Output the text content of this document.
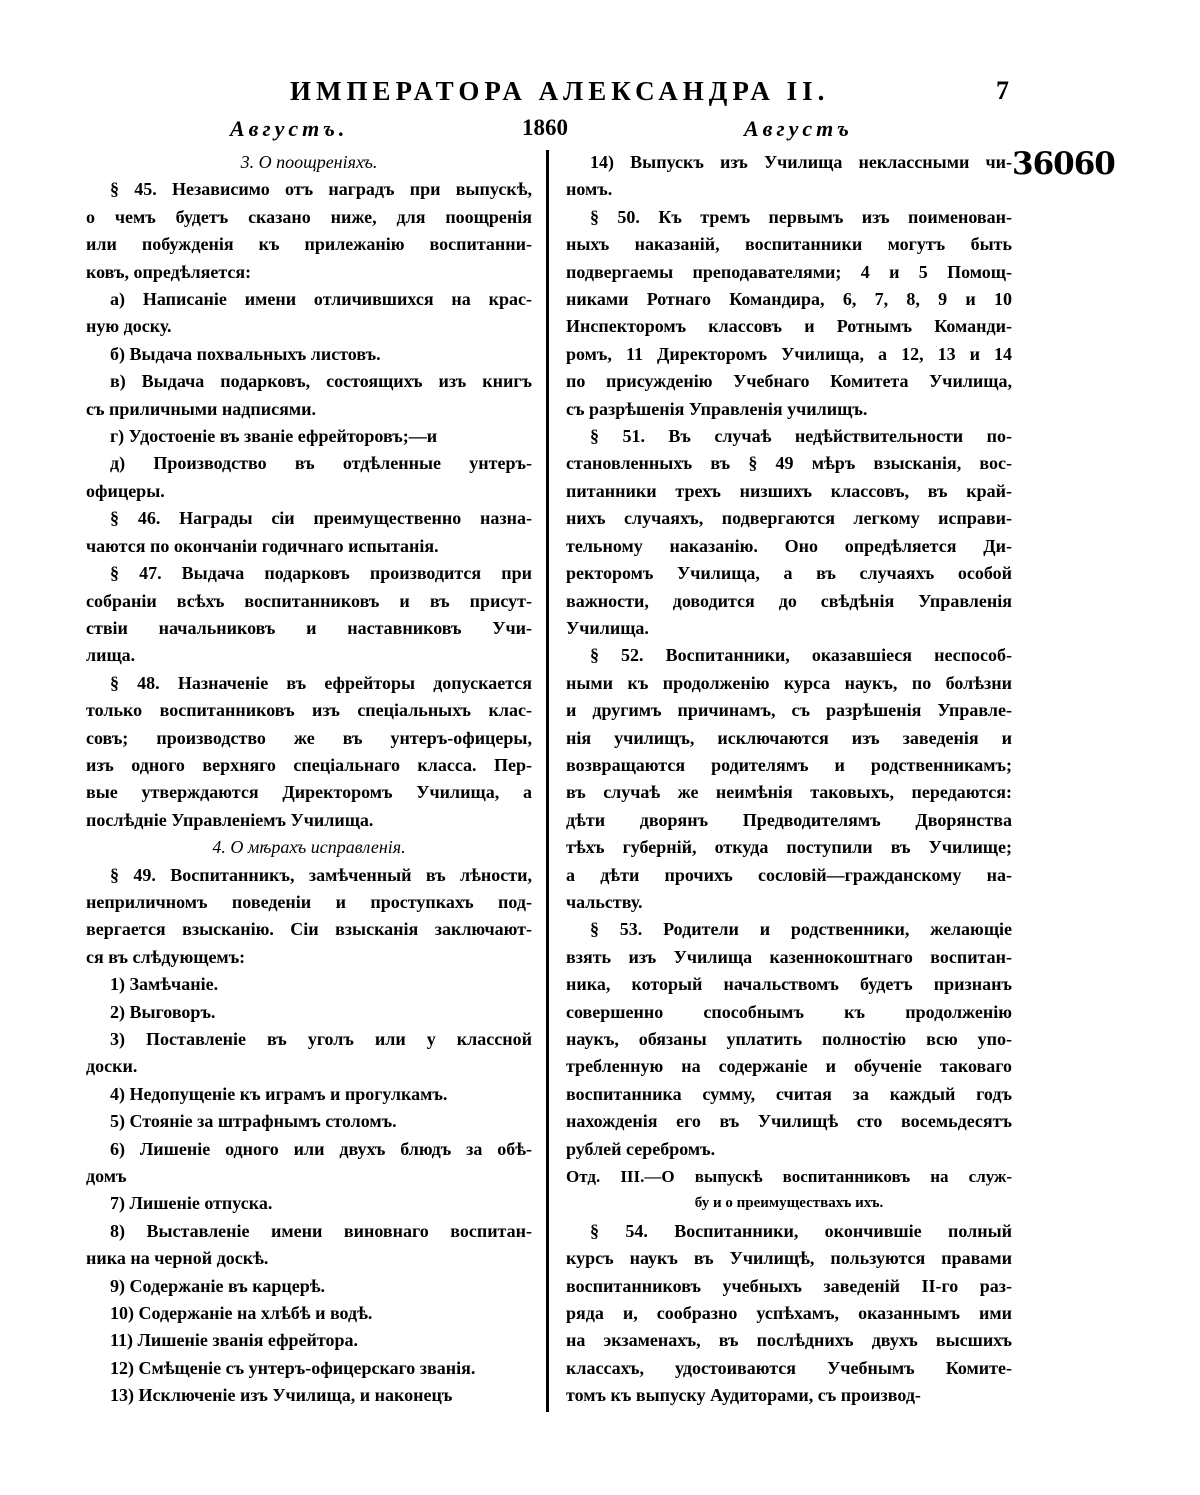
ИМПЕРАТОРА АЛЕКСАНДРА II.	7
Августъ.	1860	Августъ
36060
3. О поощреніяхъ.
§ 45. Независимо отъ наградъ при выпускѣ,
о чемъ будетъ сказано ниже, для поощренія
или побужденія къ прилежанію воспитанни-
ковъ, опредѣляется:
а) Написаніе имени отличившихся на крас-
ную доску.
б) Выдача похвальныхъ листовъ.
в) Выдача подарковъ, состоящихъ изъ книгъ
съ приличными надписями.
г) Удостоеніе въ званіе ефрейторовъ;—и
д) Производство въ отдѣленные унтеръ-
офицеры.
§ 46. Награды сіи преимущественно назна-
чаются по окончаніи годичнаго испытанія.
§ 47. Выдача подарковъ производится при
собраніи всѣхъ воспитанниковъ и въ присут-
ствіи начальниковъ и наставниковъ Учи-
лища.
§ 48. Назначеніе въ ефрейторы допускается
только воспитанниковъ изъ спеціальныхъ клас-
совъ; производство же въ унтеръ-офицеры,
изъ одного верхняго спеціальнаго класса. Пер-
вые утверждаются Директоромъ Училища, а
послѣдніе Управленіемъ Училища.
4. О мѣрахъ исправленія.
§ 49. Воспитанникъ, замѣченный въ лѣности,
неприличномъ поведеніи и проступкахъ под-
вергается взысканію. Сіи взысканія заключают-
ся въ слѣдующемъ:
1) Замѣчаніе.
2) Выговоръ.
3) Поставленіе въ уголъ или у классной
доски.
4) Недопущеніе къ играмъ и прогулкамъ.
5) Стояніе за штрафнымъ столомъ.
6) Лишеніе одного или двухъ блюдъ за обѣ-
домъ
7) Лишеніе отпуска.
8) Выставленіе имени виновнаго воспитан-
ника на черной доскѣ.
9) Содержаніе въ карцерѣ.
10) Содержаніе на хлѣбѣ и водѣ.
11) Лишеніе званія ефрейтора.
12) Смѣщеніе съ унтеръ-офицерскаго званія.
13) Исключеніе изъ Училища, и наконецъ
14) Выпускъ изъ Училища неклассными чи-
номъ.
§ 50. Къ тремъ первымъ изъ поименован-
ныхъ наказаній, воспитанники могутъ быть
подвергаемы преподавателями; 4 и 5 Помощ-
никами Ротнаго Командира, 6, 7, 8, 9 и 10
Инспекторомъ классовъ и Ротнымъ Команди-
ромъ, 11 Директоромъ Училища, а 12, 13 и 14
по присужденію Учебнаго Комитета Училища,
съ разрѣшенія Управленія училищъ.
§ 51. Въ случаѣ недѣйствительности по-
становленныхъ въ § 49 мѣръ взысканія, вос-
питанники трехъ низшихъ классовъ, въ край-
нихъ случаяхъ, подвергаются легкому исправи-
тельному наказанію. Оно опредѣляется Ди-
ректоромъ Училища, а въ случаяхъ особой
важности, доводится до свѣдѣнія Управленія
Училища.
§ 52. Воспитанники, оказавшіеся неспособ-
ными къ продолженію курса наукъ, по болѣзни
и другимъ причинамъ, съ разрѣшенія Управле-
нія училищъ, исключаются изъ заведенія и
возвращаются родителямъ и родственникамъ;
въ случаѣ же неимѣнія таковыхъ, передаются:
дѣти дворянъ Предводителямъ Дворянства
тѣхъ губерній, откуда поступили въ Училище;
а дѣти прочихъ сословій—гражданскому на-
чальству.
§ 53. Родители и родственники, желающіе
взять изъ Училища казеннокоштнаго воспитан-
ника, который начальствомъ будетъ признанъ
совершенно способнымъ къ продолженію
наукъ, обязаны уплатить полностію всю упо-
требленную на содержаніе и обученіе таковаго
воспитанника сумму, считая за каждый годъ
нахожденія его въ Училищѣ сто восемьдесятъ
рублей серебромъ.
Отд. III.—О выпускѣ воспитанниковъ на служ-
бу и о преимуществахъ ихъ.
§ 54. Воспитанники, окончившіе полный
курсъ наукъ въ Училищѣ, пользуются правами
воспитанниковъ учебныхъ заведеній II-го раз-
ряда и, сообразно успѣхамъ, оказаннымъ ими
на экзаменахъ, въ послѣднихъ двухъ высшихъ
классахъ, удостоиваются Учебнымъ Комите-
томъ къ выпуску Аудиторами, съ производ-
